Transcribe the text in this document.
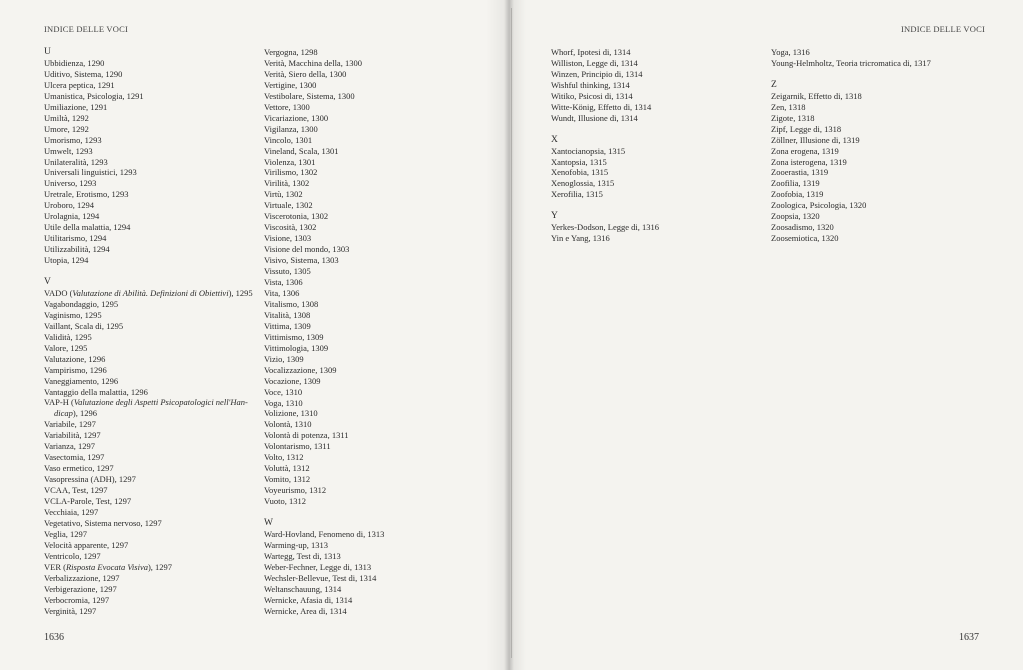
INDICE DELLE VOCI
U
Ubbidienza, 1290
Uditivo, Sistema, 1290
Ulcera peptica, 1291
Umanistica, Psicologia, 1291
Umiliazione, 1291
Umiltà, 1292
Umore, 1292
Umorismo, 1293
Umwelt, 1293
Unilateralità, 1293
Universali linguistici, 1293
Universo, 1293
Uretrale, Erotismo, 1293
Uroboro, 1294
Urolagnia, 1294
Utile della malattia, 1294
Utilitarismo, 1294
Utilizzabilità, 1294
Utopia, 1294
V
VADO (Valutazione di Abilità. Definizioni di Obiettivi), 1295
Vagabondaggio, 1295
Vaginismo, 1295
Vaillant, Scala di, 1295
Validità, 1295
Valore, 1295
Valutazione, 1296
Vampirismo, 1296
Vaneggiamento, 1296
Vantaggio della malattia, 1296
VAP-H (Valutazione degli Aspetti Psicopatologici nell'Han-
dicap), 1296
Variabile, 1297
Variabilità, 1297
Varianza, 1297
Vasectomia, 1297
Vaso ermetico, 1297
Vasopressina (ADH), 1297
VCAA, Test, 1297
VCLA-Parole, Test, 1297
Vecchiaia, 1297
Vegetativo, Sistema nervoso, 1297
Veglia, 1297
Velocità apparente, 1297
Ventricolo, 1297
VER (Risposta Evocata Visiva), 1297
Verbalizzazione, 1297
Verbigerazione, 1297
Verbocromia, 1297
Verginità, 1297
Vergogna, 1298
Verità, Macchina della, 1300
Verità, Siero della, 1300
Vertigine, 1300
Vestibolare, Sistema, 1300
Vettore, 1300
Vicariazione, 1300
Vigilanza, 1300
Vincolo, 1301
Vineland, Scala, 1301
Violenza, 1301
Virilismo, 1302
Virilità, 1302
Virtù, 1302
Virtuale, 1302
Viscerotonia, 1302
Viscosità, 1302
Visione, 1303
Visione del mondo, 1303
Visivo, Sistema, 1303
Vissuto, 1305
Vista, 1306
Vita, 1306
Vitalismo, 1308
Vitalità, 1308
Vittima, 1309
Vittimismo, 1309
Vittimologia, 1309
Vizio, 1309
Vocalizzazione, 1309
Vocazione, 1309
Voce, 1310
Voga, 1310
Volizione, 1310
Volontà, 1310
Volontà di potenza, 1311
Volontarismo, 1311
Volto, 1312
Voluttà, 1312
Vomito, 1312
Voyeurismo, 1312
Vuoto, 1312
W
Ward-Hovland, Fenomeno di, 1313
Warming-up, 1313
Wartegg, Test di, 1313
Weber-Fechner, Legge di, 1313
Wechsler-Bellevue, Test di, 1314
Weltanschauung, 1314
Wernicke, Afasia di, 1314
Wernicke, Area di, 1314
1636
Whorf, Ipotesi di, 1314
Williston, Legge di, 1314
Winzen, Principio di, 1314
Wishful thinking, 1314
Witiko, Psicosi di, 1314
Witte-König, Effetto di, 1314
Wundt, Illusione di, 1314
X
Xantocianopsia, 1315
Xantopsia, 1315
Xenofobia, 1315
Xenoglossia, 1315
Xerofilia, 1315
Y
Yerkes-Dodson, Legge di, 1316
Yin e Yang, 1316
Yoga, 1316
Young-Helmholtz, Teoria tricromatica di, 1317
Z
Zeigarnik, Effetto di, 1318
Zen, 1318
Zigote, 1318
Zipf, Legge di, 1318
Zöllner, Illusione di, 1319
Zona erogena, 1319
Zona isterogena, 1319
Zooerastia, 1319
Zoofilia, 1319
Zoofobia, 1319
Zoologica, Psicologia, 1320
Zoopsia, 1320
Zoosadismo, 1320
Zoosemiotica, 1320
INDICE DELLE VOCI
1637
